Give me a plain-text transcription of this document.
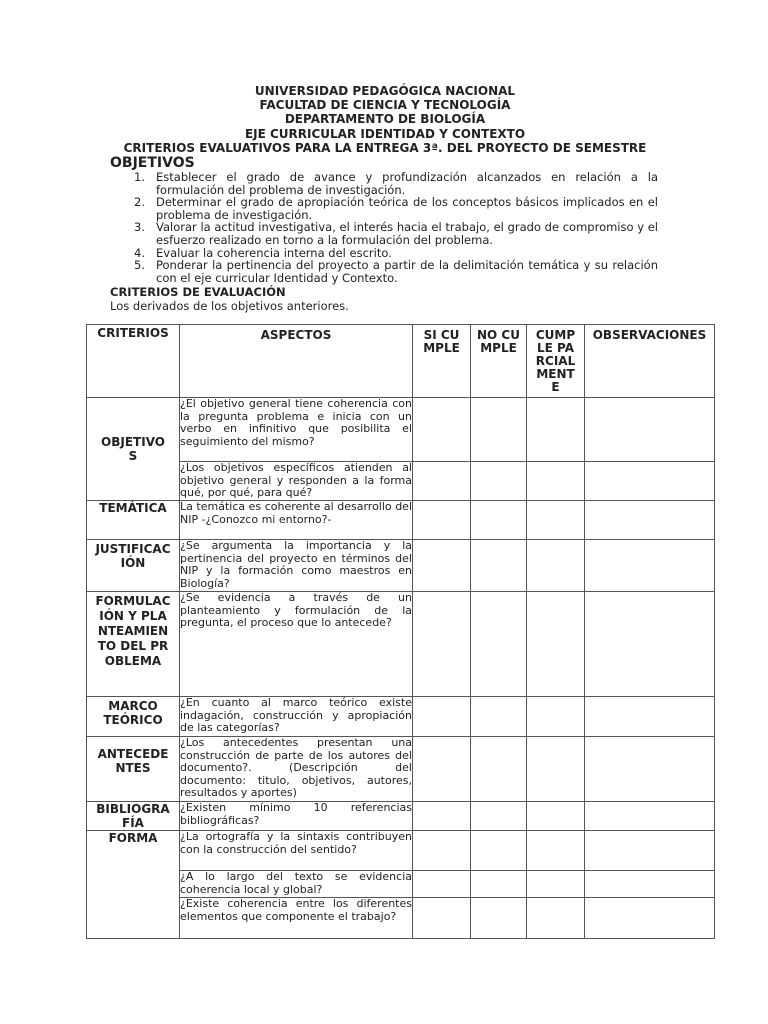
UNIVERSIDAD PEDAGÓGICA NACIONAL
FACULTAD DE CIENCIA Y TECNOLOGÍA
DEPARTAMENTO DE BIOLOGÍA
EJE CURRICULAR IDENTIDAD Y CONTEXTO
CRITERIOS EVALUATIVOS PARA LA ENTREGA 3ª. DEL PROYECTO DE SEMESTRE
OBJETIVOS
1. Establecer el grado de avance y profundización alcanzados en relación a la formulación del problema de investigación.
2. Determinar el grado de apropiación teórica de los conceptos básicos implicados en el problema de investigación.
3. Valorar la actitud investigativa, el interés hacia el trabajo, el grado de compromiso y el esfuerzo realizado en torno a la formulación del problema.
4. Evaluar la coherencia interna del escrito.
5. Ponderar la pertinencia del proyecto a partir de la delimitación temática y su relación con el eje curricular Identidad y Contexto.
CRITERIOS DE EVALUACIÓN
Los derivados de los objetivos anteriores.
CRITERIOS	ASPECTOS	SI CUMPLE	NO CUMPLE	CUMPLE PARCIALMENTE	OBSERVACIONES
OBJETIVOS	¿El objetivo general tiene coherencia con la pregunta problema e inicia con un verbo en infinitivo que posibilita el seguimiento del mismo?				
	¿Los objetivos específicos atienden al objetivo general y responden a la forma qué, por qué, para qué?				
TEMÁTICA	La temática es coherente al desarrollo del NIP -¿Conozco mi entorno?-				
JUSTIFICACIÓN	¿Se argumenta la importancia y la pertinencia del proyecto en términos del NIP y la formación como maestros en Biología?				
FORMULACIÓN Y PLANTEAMIENTO DEL PROBLEMA	¿Se evidencia a través de un planteamiento y formulación de la pregunta, el proceso que lo antecede?				
MARCO TEÓRICO	¿En cuanto al marco teórico existe indagación, construcción y apropiación de las categorías?				
ANTECEDENTES	¿Los antecedentes presentan una construcción de parte de los autores del documento?. (Descripción del documento: titulo, objetivos, autores, resultados y aportes)				
BIBLIOGRAFÍA	¿Existen mínimo 10 referencias bibliográficas?				
FORMA	¿La ortografía y la sintaxis contribuyen con la construcción del sentido?				
	¿A lo largo del texto se evidencia coherencia local y global?				
	¿Existe coherencia entre los diferentes elementos que componente el trabajo?				
